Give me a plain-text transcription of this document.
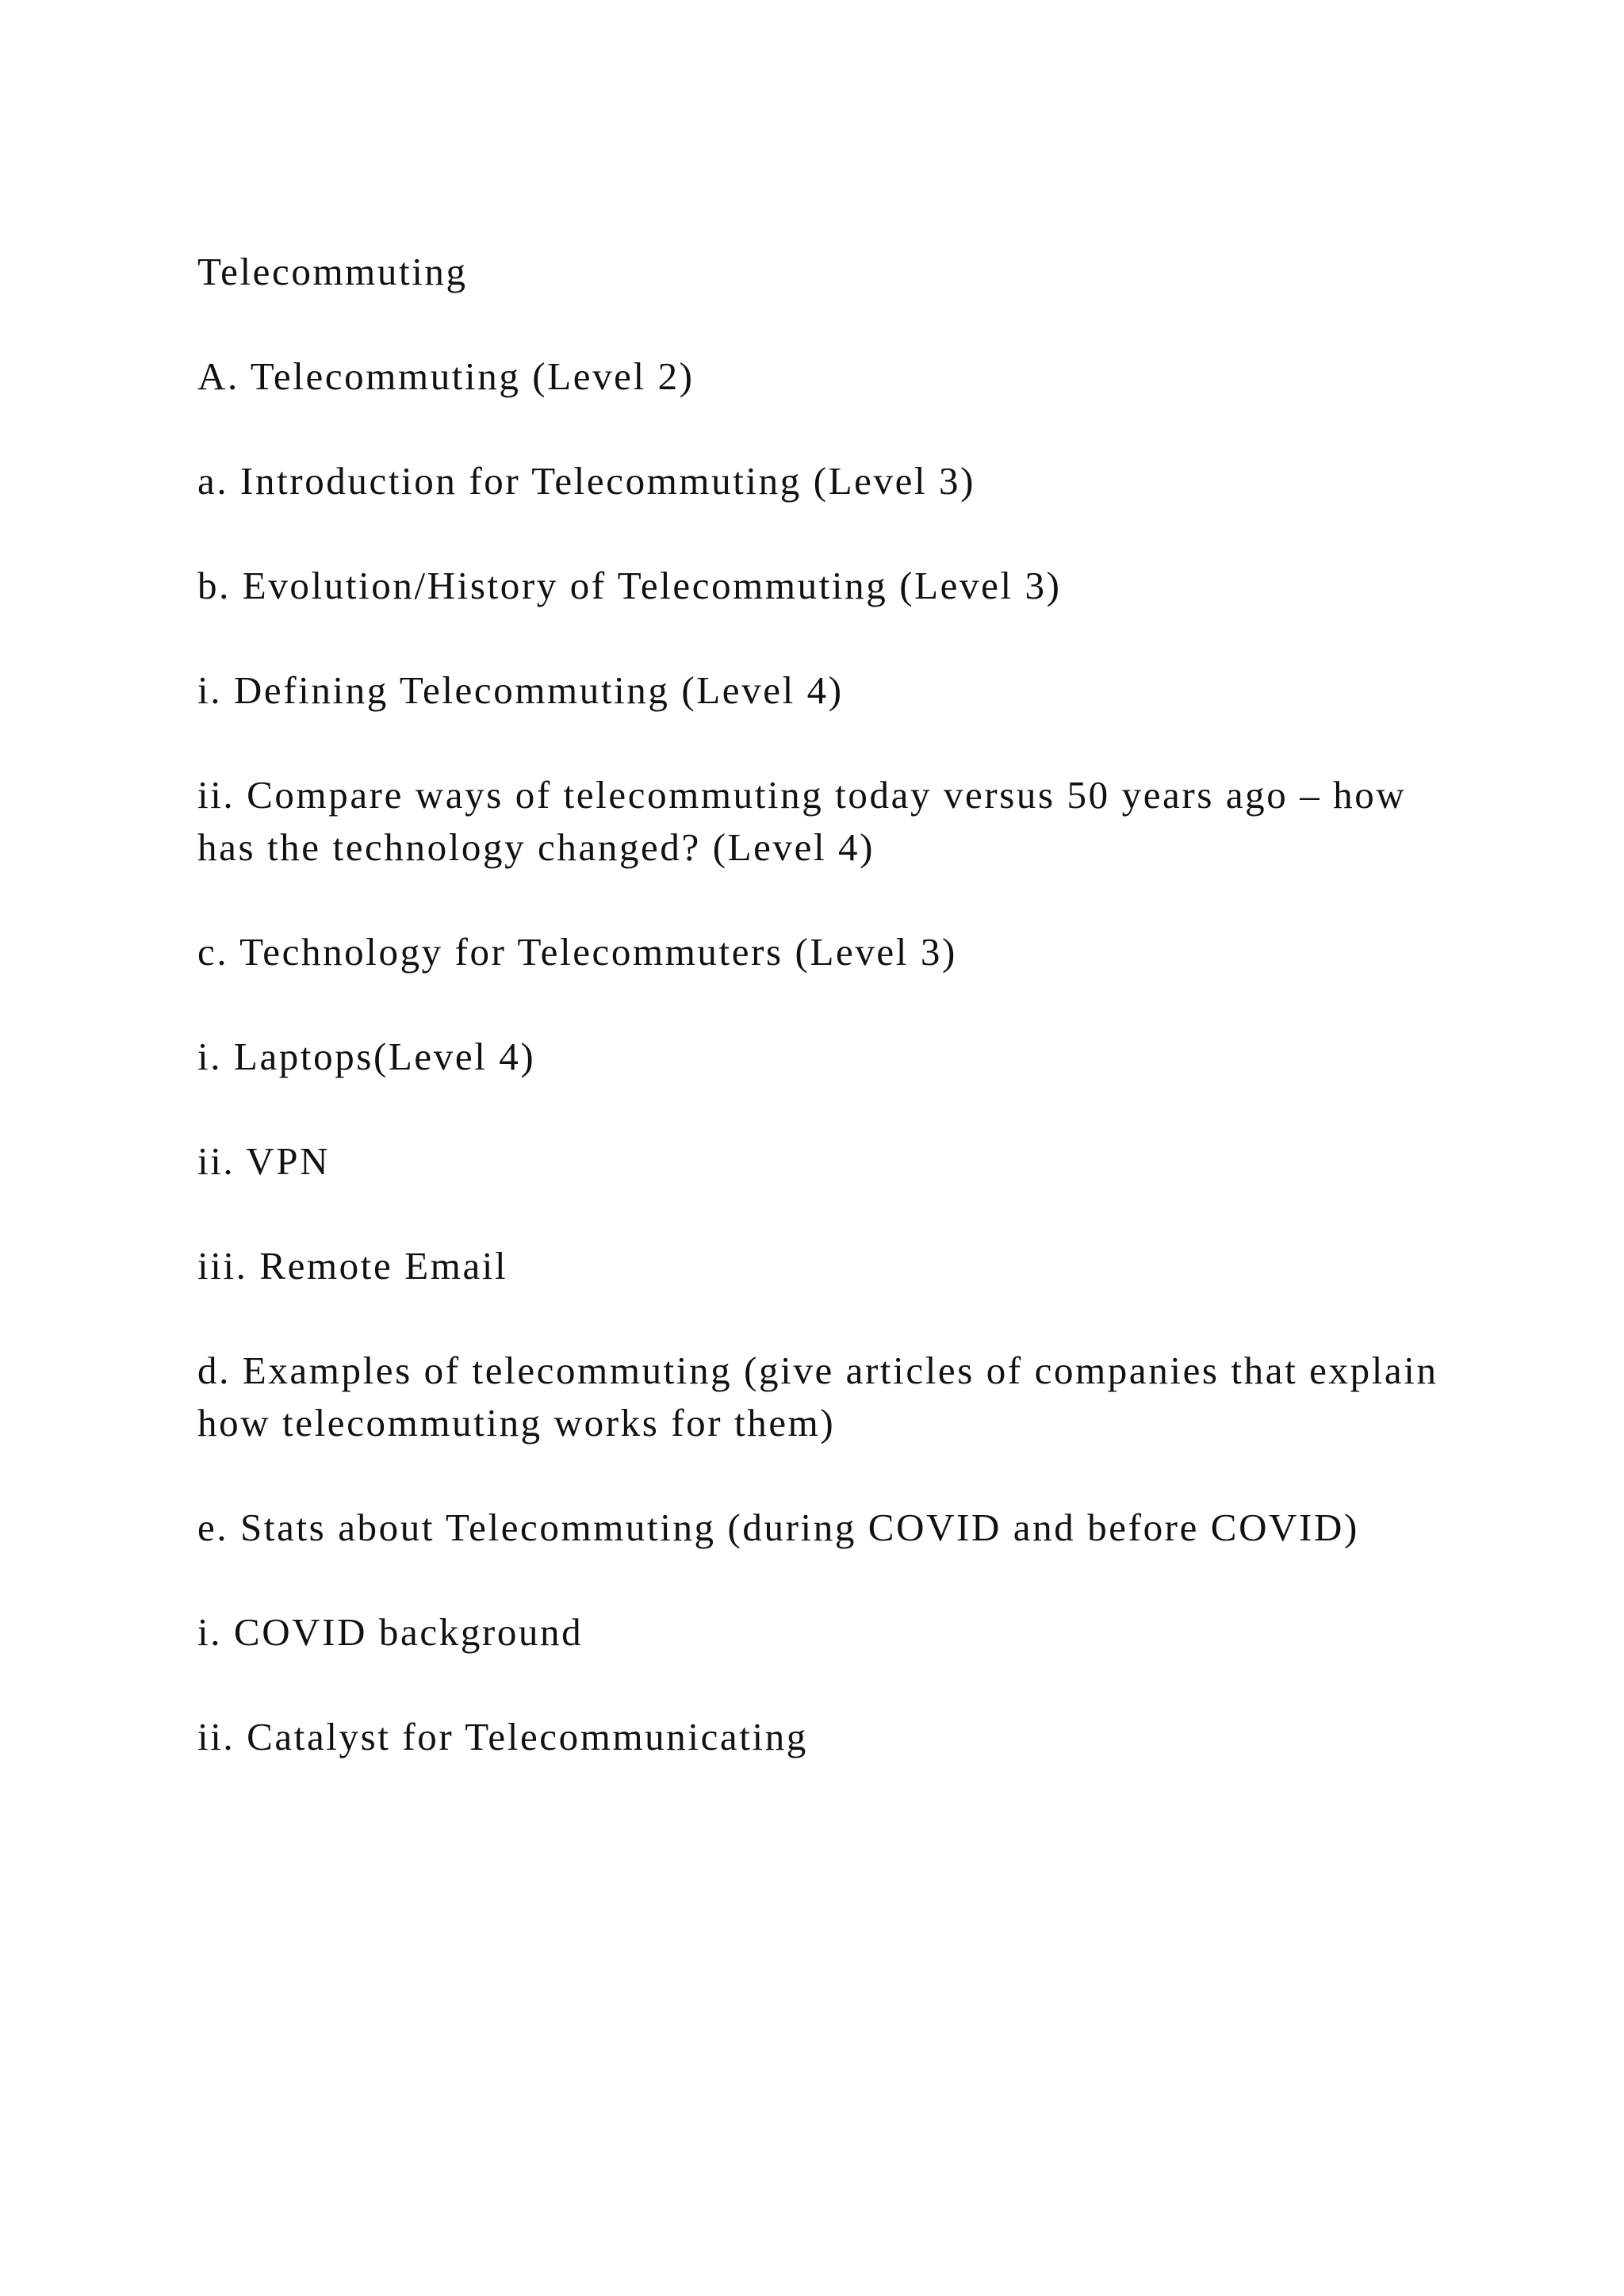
Telecommuting

A. Telecommuting (Level 2)

a. Introduction for Telecommuting (Level 3)

b. Evolution/History of Telecommuting (Level 3)

i. Defining Telecommuting (Level 4)

ii. Compare ways of telecommuting today versus 50 years ago – how has the technology changed? (Level 4)

c. Technology for Telecommuters (Level 3)

i. Laptops(Level 4)

ii. VPN

iii. Remote Email

d. Examples of telecommuting (give articles of companies that explain how telecommuting works for them)

e. Stats about Telecommuting (during COVID and before COVID)

i. COVID background

ii. Catalyst for Telecommunicating
